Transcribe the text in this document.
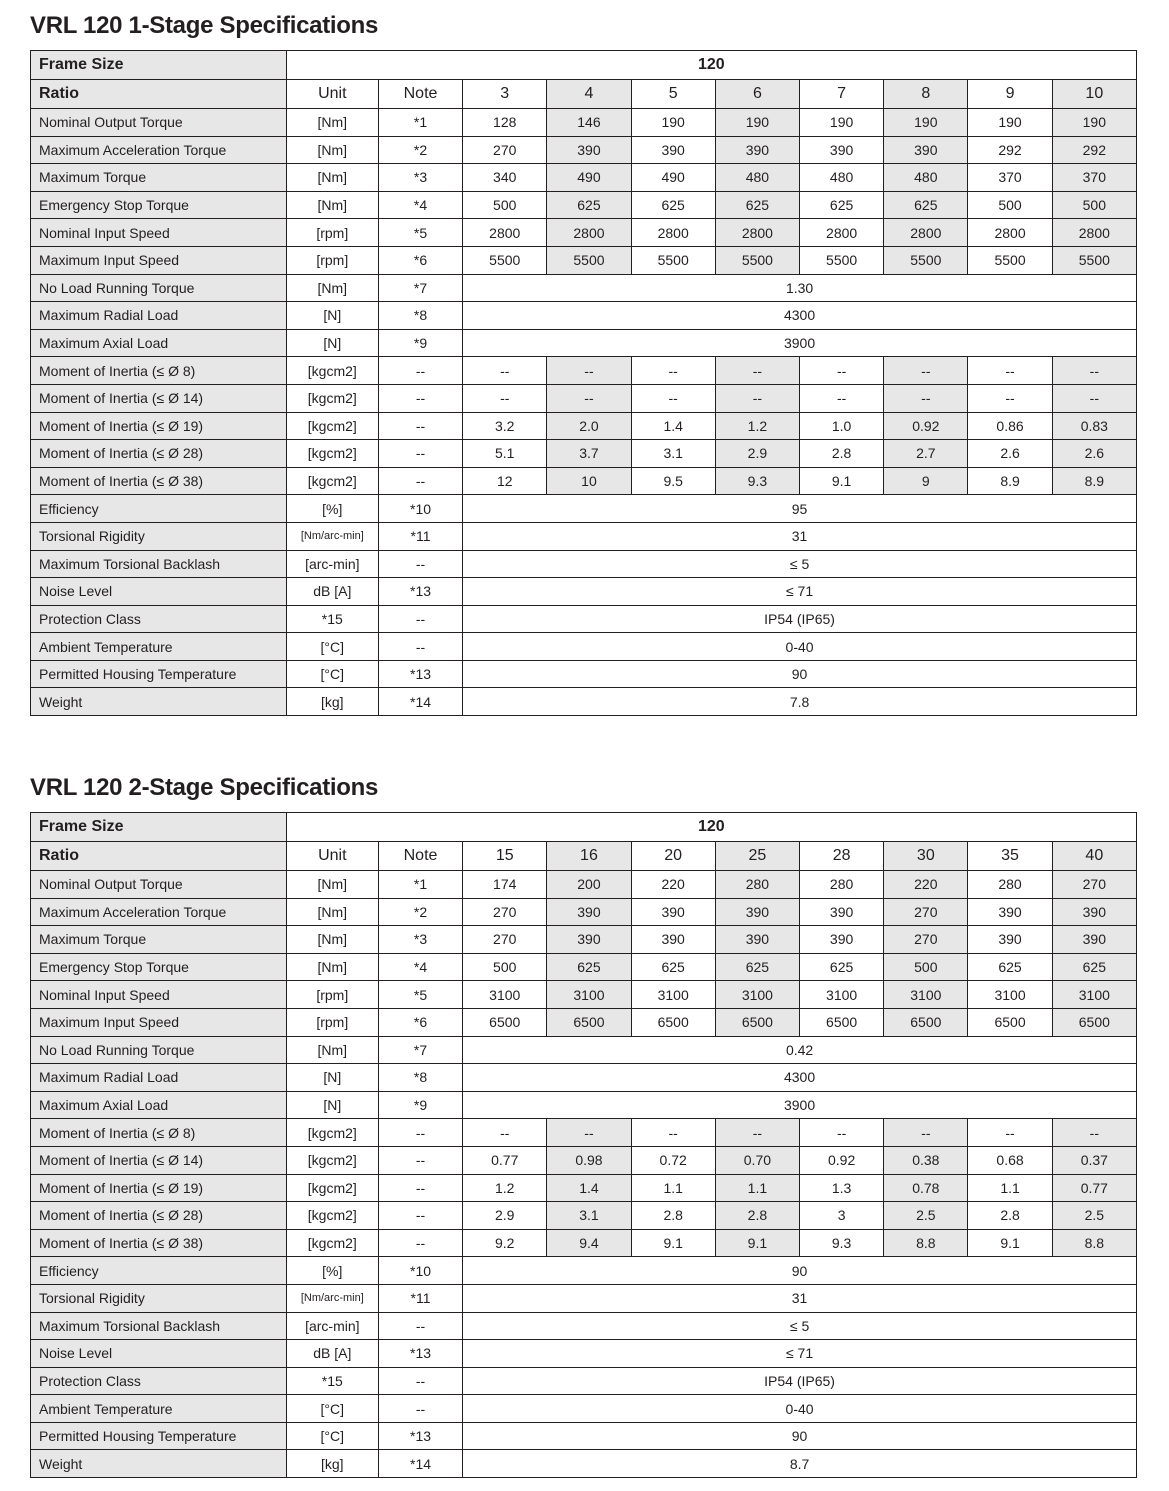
VRL 120 1-Stage Specifications
Frame Size	120									
Ratio	Unit	Note	3	4	5	6	7	8	9	10
Nominal Output Torque	[Nm]	*1	128	146	190	190	190	190	190	190
Maximum Acceleration Torque	[Nm]	*2	270	390	390	390	390	390	292	292
Maximum Torque	[Nm]	*3	340	490	490	480	480	480	370	370
Emergency Stop Torque	[Nm]	*4	500	625	625	625	625	625	500	500
Nominal Input Speed	[rpm]	*5	2800	2800	2800	2800	2800	2800	2800	2800
Maximum Input Speed	[rpm]	*6	5500	5500	5500	5500	5500	5500	5500	5500
No Load Running Torque	[Nm]	*7	1.30							
Maximum Radial Load	[N]	*8	4300							
Maximum Axial Load	[N]	*9	3900							
Moment of Inertia (≤ Ø 8)	[kgcm2]	--	--	--	--	--	--	--	--	--
Moment of Inertia (≤ Ø 14)	[kgcm2]	--	--	--	--	--	--	--	--	--
Moment of Inertia (≤ Ø 19)	[kgcm2]	--	3.2	2.0	1.4	1.2	1.0	0.92	0.86	0.83
Moment of Inertia (≤ Ø 28)	[kgcm2]	--	5.1	3.7	3.1	2.9	2.8	2.7	2.6	2.6
Moment of Inertia (≤ Ø 38)	[kgcm2]	--	12	10	9.5	9.3	9.1	9	8.9	8.9
Efficiency	[%]	*10	95							
Torsional Rigidity	[Nm/arc-min]	*11	31							
Maximum Torsional Backlash	[arc-min]	--	≤ 5							
Noise Level	dB [A]	*13	≤ 71							
Protection Class	*15	--	IP54 (IP65)							
Ambient Temperature	[°C]	--	0-40							
Permitted Housing Temperature	[°C]	*13	90							
Weight	[kg]	*14	7.8							
VRL 120 2-Stage Specifications
Frame Size	120									
Ratio	Unit	Note	15	16	20	25	28	30	35	40
Nominal Output Torque	[Nm]	*1	174	200	220	280	280	220	280	270
Maximum Acceleration Torque	[Nm]	*2	270	390	390	390	390	270	390	390
Maximum Torque	[Nm]	*3	270	390	390	390	390	270	390	390
Emergency Stop Torque	[Nm]	*4	500	625	625	625	625	500	625	625
Nominal Input Speed	[rpm]	*5	3100	3100	3100	3100	3100	3100	3100	3100
Maximum Input Speed	[rpm]	*6	6500	6500	6500	6500	6500	6500	6500	6500
No Load Running Torque	[Nm]	*7	0.42							
Maximum Radial Load	[N]	*8	4300							
Maximum Axial Load	[N]	*9	3900							
Moment of Inertia (≤ Ø 8)	[kgcm2]	--	--	--	--	--	--	--	--	--
Moment of Inertia (≤ Ø 14)	[kgcm2]	--	0.77	0.98	0.72	0.70	0.92	0.38	0.68	0.37
Moment of Inertia (≤ Ø 19)	[kgcm2]	--	1.2	1.4	1.1	1.1	1.3	0.78	1.1	0.77
Moment of Inertia (≤ Ø 28)	[kgcm2]	--	2.9	3.1	2.8	2.8	3	2.5	2.8	2.5
Moment of Inertia (≤ Ø 38)	[kgcm2]	--	9.2	9.4	9.1	9.1	9.3	8.8	9.1	8.8
Efficiency	[%]	*10	90							
Torsional Rigidity	[Nm/arc-min]	*11	31							
Maximum Torsional Backlash	[arc-min]	--	≤ 5							
Noise Level	dB [A]	*13	≤ 71							
Protection Class	*15	--	IP54 (IP65)							
Ambient Temperature	[°C]	--	0-40							
Permitted Housing Temperature	[°C]	*13	90							
Weight	[kg]	*14	8.7							
